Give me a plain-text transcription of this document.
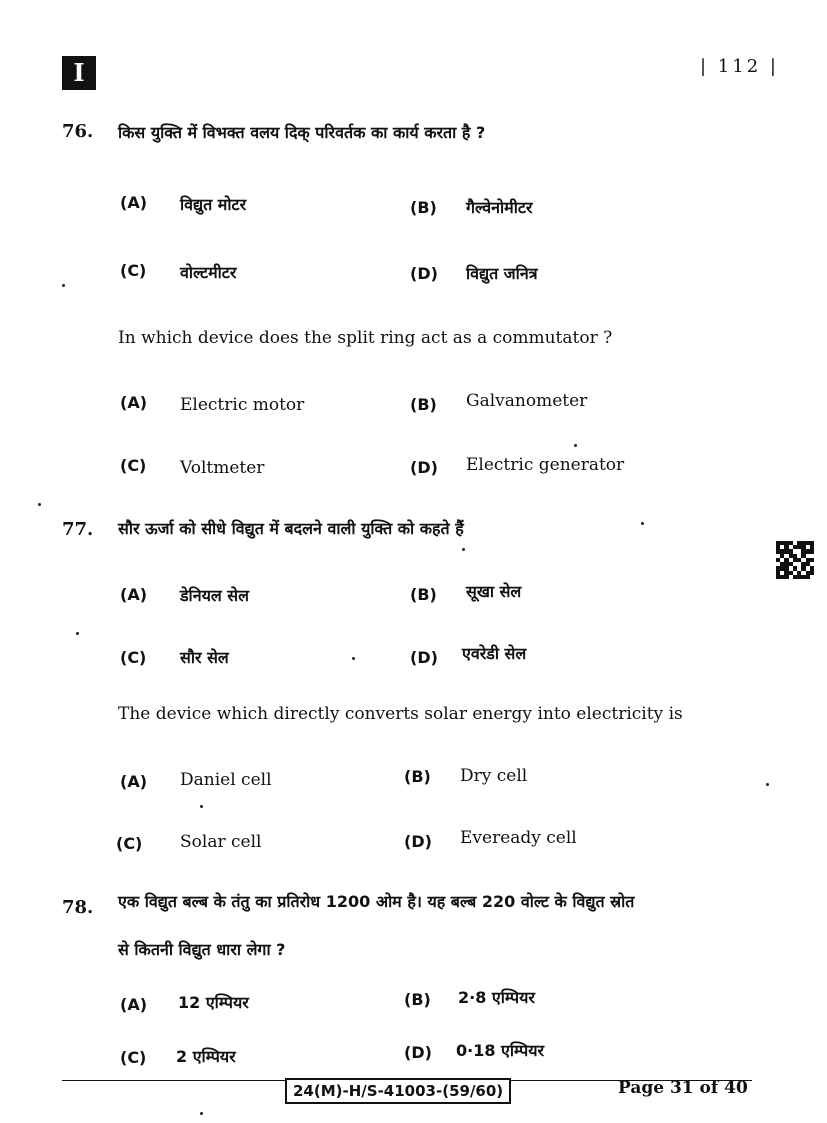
I	| 112 |
76. किस युक्ति में विभक्त वलय दिक् परिवर्तक का कार्य करता है ?
(A) विद्युत मोटर	(B) गैल्वेनोमीटर
(C) वोल्टमीटर	(D) विद्युत जनित्र
In which device does the split ring act as a commutator ?
(A) Electric motor	(B) Galvanometer
(C) Voltmeter	(D) Electric generator
77. सौर ऊर्जा को सीधे विद्युत में बदलने वाली युक्ति को कहते हैं
(A) डेनियल सेल	(B) सूखा सेल
(C) सौर सेल	(D) एवरेडी सेल
The device which directly converts solar energy into electricity is
(A) Daniel cell	(B) Dry cell
(C) Solar cell	(D) Eveready cell
78. एक विद्युत बल्ब के तंतु का प्रतिरोध 1200 ओम है। यह बल्ब 220 वोल्ट के विद्युत स्रोत
से कितनी विद्युत धारा लेगा ?
(A) 12 एम्पियर	(B) 2·8 एम्पियर
(C) 2 एम्पियर	(D) 0·18 एम्पियर
24(M)-H/S-41003-(59/60)	Page 31 of 40
